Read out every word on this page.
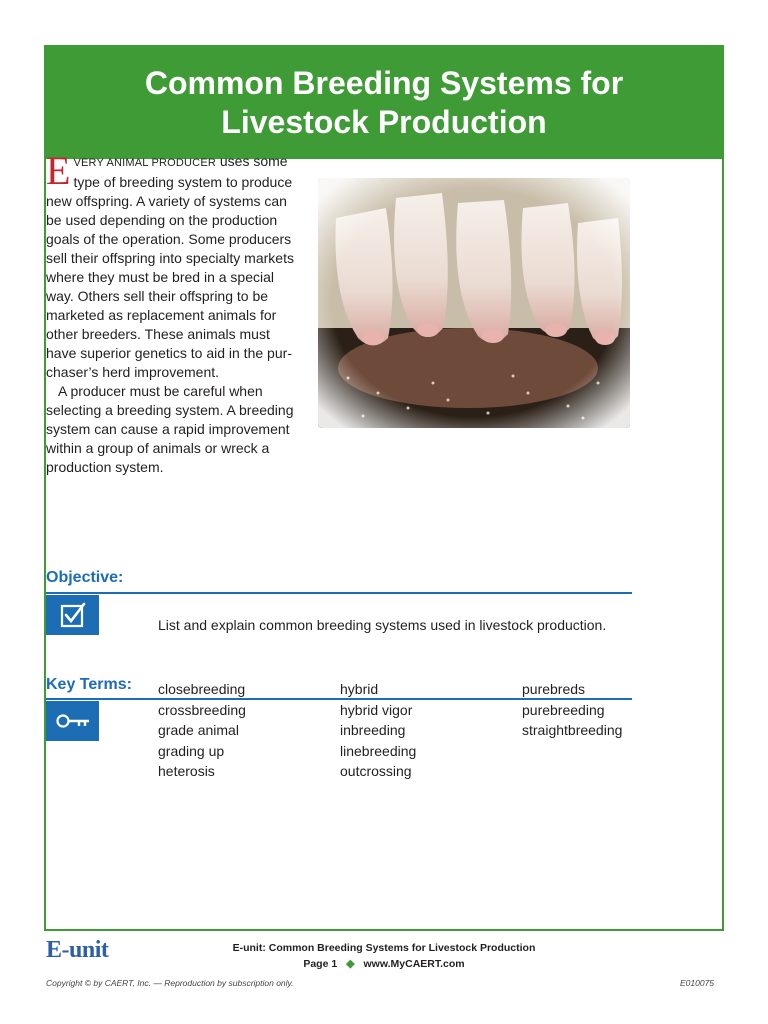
Common Breeding Systems for
Livestock Production

EVERY ANIMAL PRODUCER uses some type of breeding system to produce new offspring. A variety of systems can be used depending on the production goals of the operation. Some producers sell their offspring into specialty markets where they must be bred in a special way. Others sell their offspring to be marketed as replacement animals for other breeders. These animals must have superior genetics to aid in the purchaser’s herd improvement.

A producer must be careful when selecting a breeding system. A breeding system can cause a rapid improvement within a group of animals or wreck a production system.

Objective:
List and explain common breeding systems used in livestock production.
Key Terms: closebreeding
crossbreeding
grade animal
grading up
heterosis
hybrid
hybrid vigor
inbreeding
linebreeding
outcrossing
purebreds
purebreeding
straightbreeding
E-unit	E-unit: Common Breeding Systems for Livestock Production
Page 1 ◆ www.MyCAERT.com
Copyright © by CAERT, Inc. — Reproduction by subscription only.	E010075
